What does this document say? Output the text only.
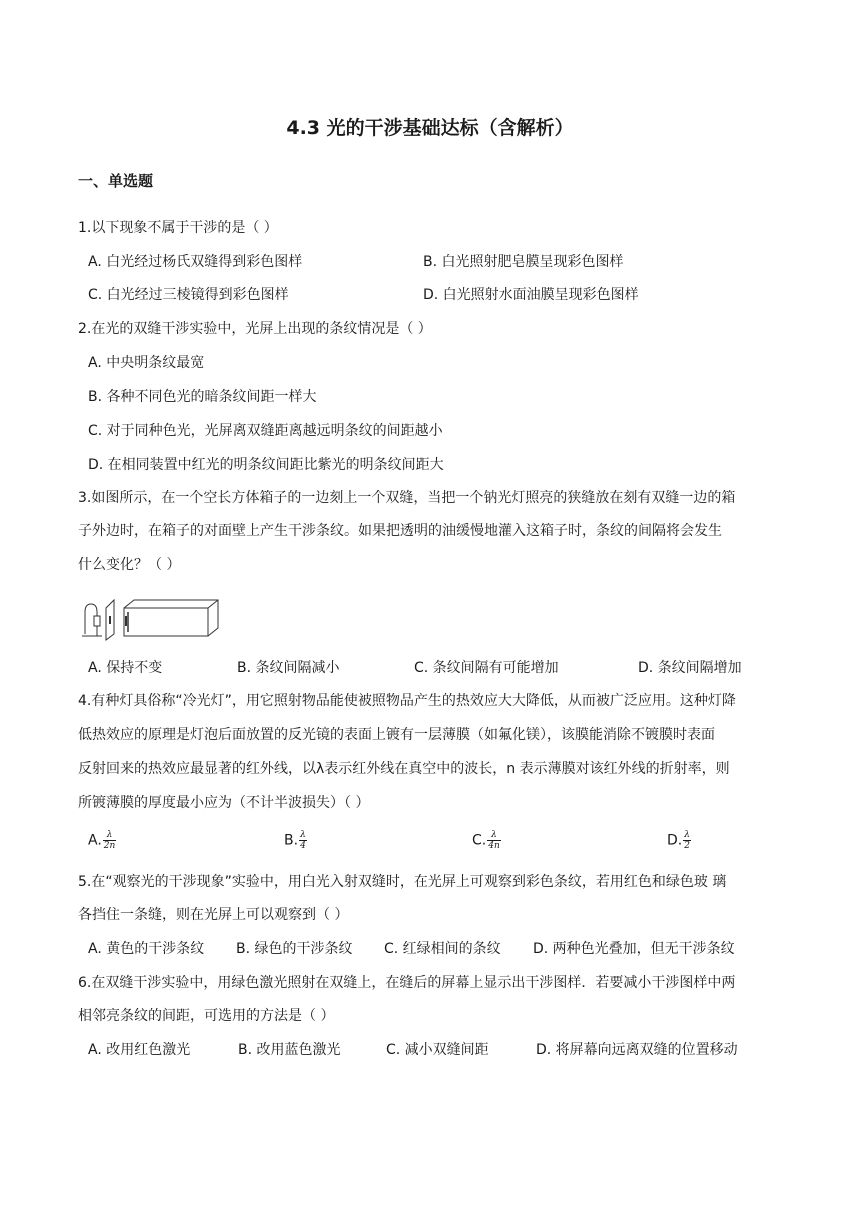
4.3 光的干涉基础达标（含解析）
一、单选题
1.以下现象不属于干涉的是（ ）
A. 白光经过杨氏双缝得到彩色图样	B. 白光照射肥皂膜呈现彩色图样
C. 白光经过三棱镜得到彩色图样	D. 白光照射水面油膜呈现彩色图样
2.在光的双缝干涉实验中，光屏上出现的条纹情况是（ ）
A. 中央明条纹最宽
B. 各种不同色光的暗条纹间距一样大
C. 对于同种色光，光屏离双缝距离越远明条纹的间距越小
D. 在相同装置中红光的明条纹间距比紫光的明条纹间距大
3.如图所示，在一个空长方体箱子的一边刻上一个双缝，当把一个钠光灯照亮的狭缝放在刻有双缝一边的箱
子外边时，在箱子的对面壁上产生干涉条纹。如果把透明的油缓慢地灌入这箱子时，条纹的间隔将会发生
什么变化？（ ）
A. 保持不变	B. 条纹间隔减小	C. 条纹间隔有可能增加	D. 条纹间隔增加
4.有种灯具俗称“冷光灯”，用它照射物品能使被照物品产生的热效应大大降低，从而被广泛应用。这种灯降
低热效应的原理是灯泡后面放置的反光镜的表面上镀有一层薄膜（如氟化镁），该膜能消除不镀膜时表面
反射回来的热效应最显著的红外线，以λ表示红外线在真空中的波长，n 表示薄膜对该红外线的折射率，则
所镀薄膜的厚度最小应为（不计半波损失）（ ）
A. $\frac{\lambda}{2n}$	B. $\frac{\lambda}{4}$	C. $\frac{\lambda}{4n}$	D. $\frac{\lambda}{2}$
5.在“观察光的干涉现象”实验中，用白光入射双缝时，在光屏上可观察到彩色条纹，若用红色和绿色玻 璃
各挡住一条缝，则在光屏上可以观察到（ ）
A. 黄色的干涉条纹 B. 绿色的干涉条纹 C. 红绿相间的条纹 D. 两种色光叠加，但无干涉条纹
6.在双缝干涉实验中，用绿色激光照射在双缝上，在缝后的屏幕上显示出干涉图样．若要减小干涉图样中两
相邻亮条纹的间距，可选用的方法是（ ）
A. 改用红色激光	B. 改用蓝色激光	C. 减小双缝间距	D. 将屏幕向远离双缝的位置移动
